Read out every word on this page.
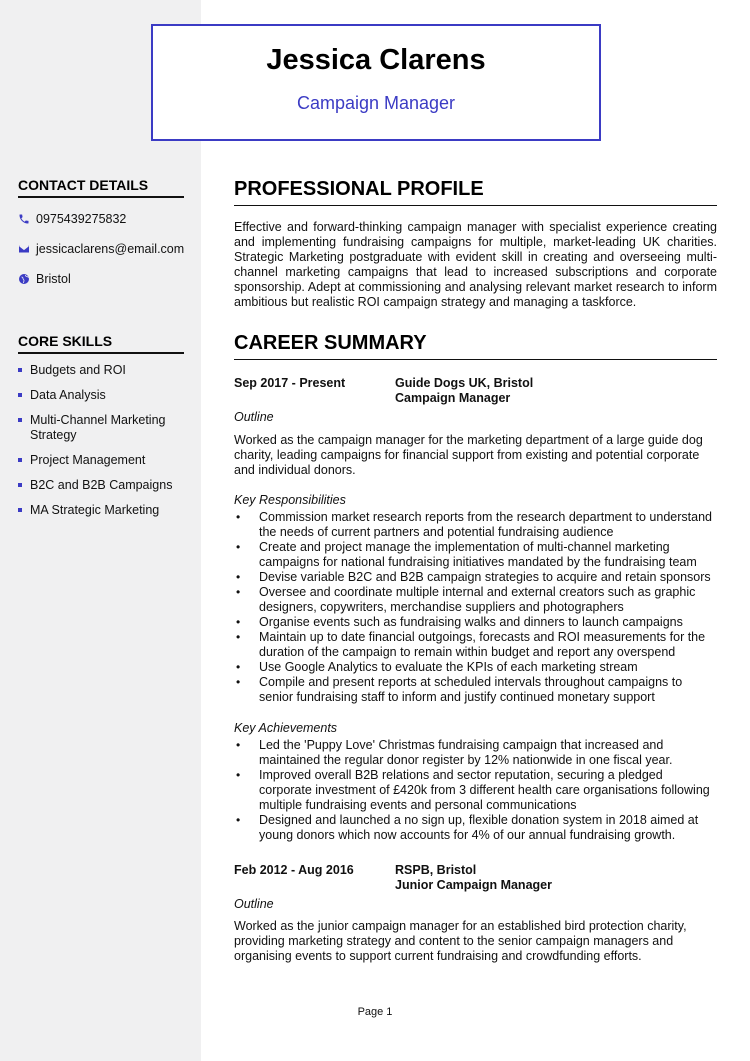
Jessica Clarens
Campaign Manager
CONTACT DETAILS
0975439275832
jessicaclarens@email.com
Bristol
CORE SKILLS
Budgets and ROI
Data Analysis
Multi-Channel Marketing Strategy
Project Management
B2C and B2B Campaigns
MA Strategic Marketing
PROFESSIONAL PROFILE

Effective and forward-thinking campaign manager with specialist experience creating and implementing fundraising campaigns for multiple, market-leading UK charities. Strategic Marketing postgraduate with evident skill in creating and overseeing multi-channel marketing campaigns that lead to increased subscriptions and corporate sponsorship. Adept at commissioning and analysing relevant market research to inform ambitious but realistic ROI campaign strategy and managing a taskforce.

CAREER SUMMARY
Sep 2017 - Present	Guide Dogs UK, Bristol
Campaign Manager
Outline

Worked as the campaign manager for the marketing department of a large guide dog charity, leading campaigns for financial support from existing and potential corporate and individual donors.

Key Responsibilities
• Commission market research reports from the research department to understand the needs of current partners and potential fundraising audience
• Create and project manage the implementation of multi-channel marketing campaigns for national fundraising initiatives mandated by the fundraising team
• Devise variable B2C and B2B campaign strategies to acquire and retain sponsors
• Oversee and coordinate multiple internal and external creators such as graphic designers, copywriters, merchandise suppliers and photographers
• Organise events such as fundraising walks and dinners to launch campaigns
• Maintain up to date financial outgoings, forecasts and ROI measurements for the duration of the campaign to remain within budget and report any overspend
• Use Google Analytics to evaluate the KPIs of each marketing stream
• Compile and present reports at scheduled intervals throughout campaigns to senior fundraising staff to inform and justify continued monetary support
Key Achievements
• Led the 'Puppy Love' Christmas fundraising campaign that increased and maintained the regular donor register by 12% nationwide in one fiscal year.
• Improved overall B2B relations and sector reputation, securing a pledged corporate investment of £420k from 3 different health care organisations following multiple fundraising events and personal communications
• Designed and launched a no sign up, flexible donation system in 2018 aimed at young donors which now accounts for 4% of our annual fundraising growth.
Feb 2012 - Aug 2016	RSPB, Bristol
Junior Campaign Manager
Outline

Worked as the junior campaign manager for an established bird protection charity, providing marketing strategy and content to the senior campaign managers and organising events to support current fundraising and crowdfunding efforts.

Page 1
